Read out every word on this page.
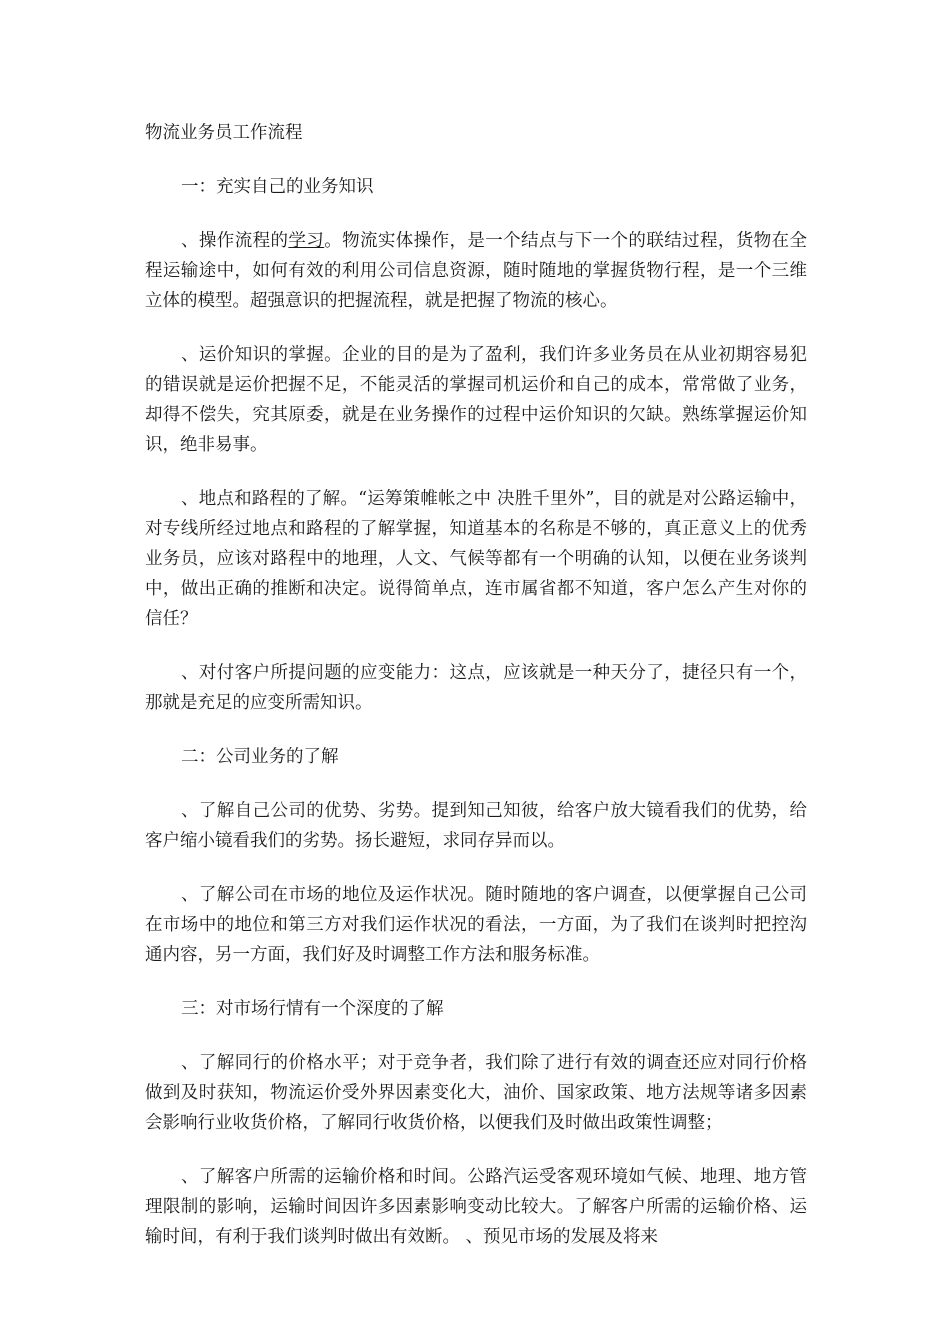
物流业务员工作流程
一：充实自己的业务知识

、操作流程的学习。物流实体操作，是一个结点与下一个的联结过程，货物在全程运输途中，如何有效的利用公司信息资源，随时随地的掌握货物行程，是一个三维立体的模型。超强意识的把握流程，就是把握了物流的核心。

、运价知识的掌握。企业的目的是为了盈利，我们许多业务员在从业初期容易犯的错误就是运价把握不足，不能灵活的掌握司机运价和自己的成本，常常做了业务，却得不偿失，究其原委，就是在业务操作的过程中运价知识的欠缺。熟练掌握运价知识，绝非易事。

、地点和路程的了解。“运筹策帷帐之中 决胜千里外”，目的就是对公路运输中，对专线所经过地点和路程的了解掌握，知道基本的名称是不够的，真正意义上的优秀业务员，应该对路程中的地理，人文、气候等都有一个明确的认知，以便在业务谈判中，做出正确的推断和决定。说得简单点，连市属省都不知道，客户怎么产生对你的信任？

、对付客户所提问题的应变能力：这点，应该就是一种天分了，捷径只有一个，那就是充足的应变所需知识。

二：公司业务的了解

、了解自己公司的优势、劣势。提到知己知彼，给客户放大镜看我们的优势，给客户缩小镜看我们的劣势。扬长避短，求同存异而以。

、了解公司在市场的地位及运作状况。随时随地的客户调查，以便掌握自己公司在市场中的地位和第三方对我们运作状况的看法，一方面，为了我们在谈判时把控沟通内容，另一方面，我们好及时调整工作方法和服务标准。

三：对市场行情有一个深度的了解

、了解同行的价格水平；对于竞争者，我们除了进行有效的调查还应对同行价格做到及时获知，物流运价受外界因素变化大，油价、国家政策、地方法规等诸多因素会影响行业收货价格，了解同行收货价格，以便我们及时做出政策性调整；

、了解客户所需的运输价格和时间。公路汽运受客观环境如气候、地理、地方管理限制的影响，运输时间因许多因素影响变动比较大。了解客户所需的运输价格、运输时间，有利于我们谈判时做出有效断。 、预见市场的发展及将来
